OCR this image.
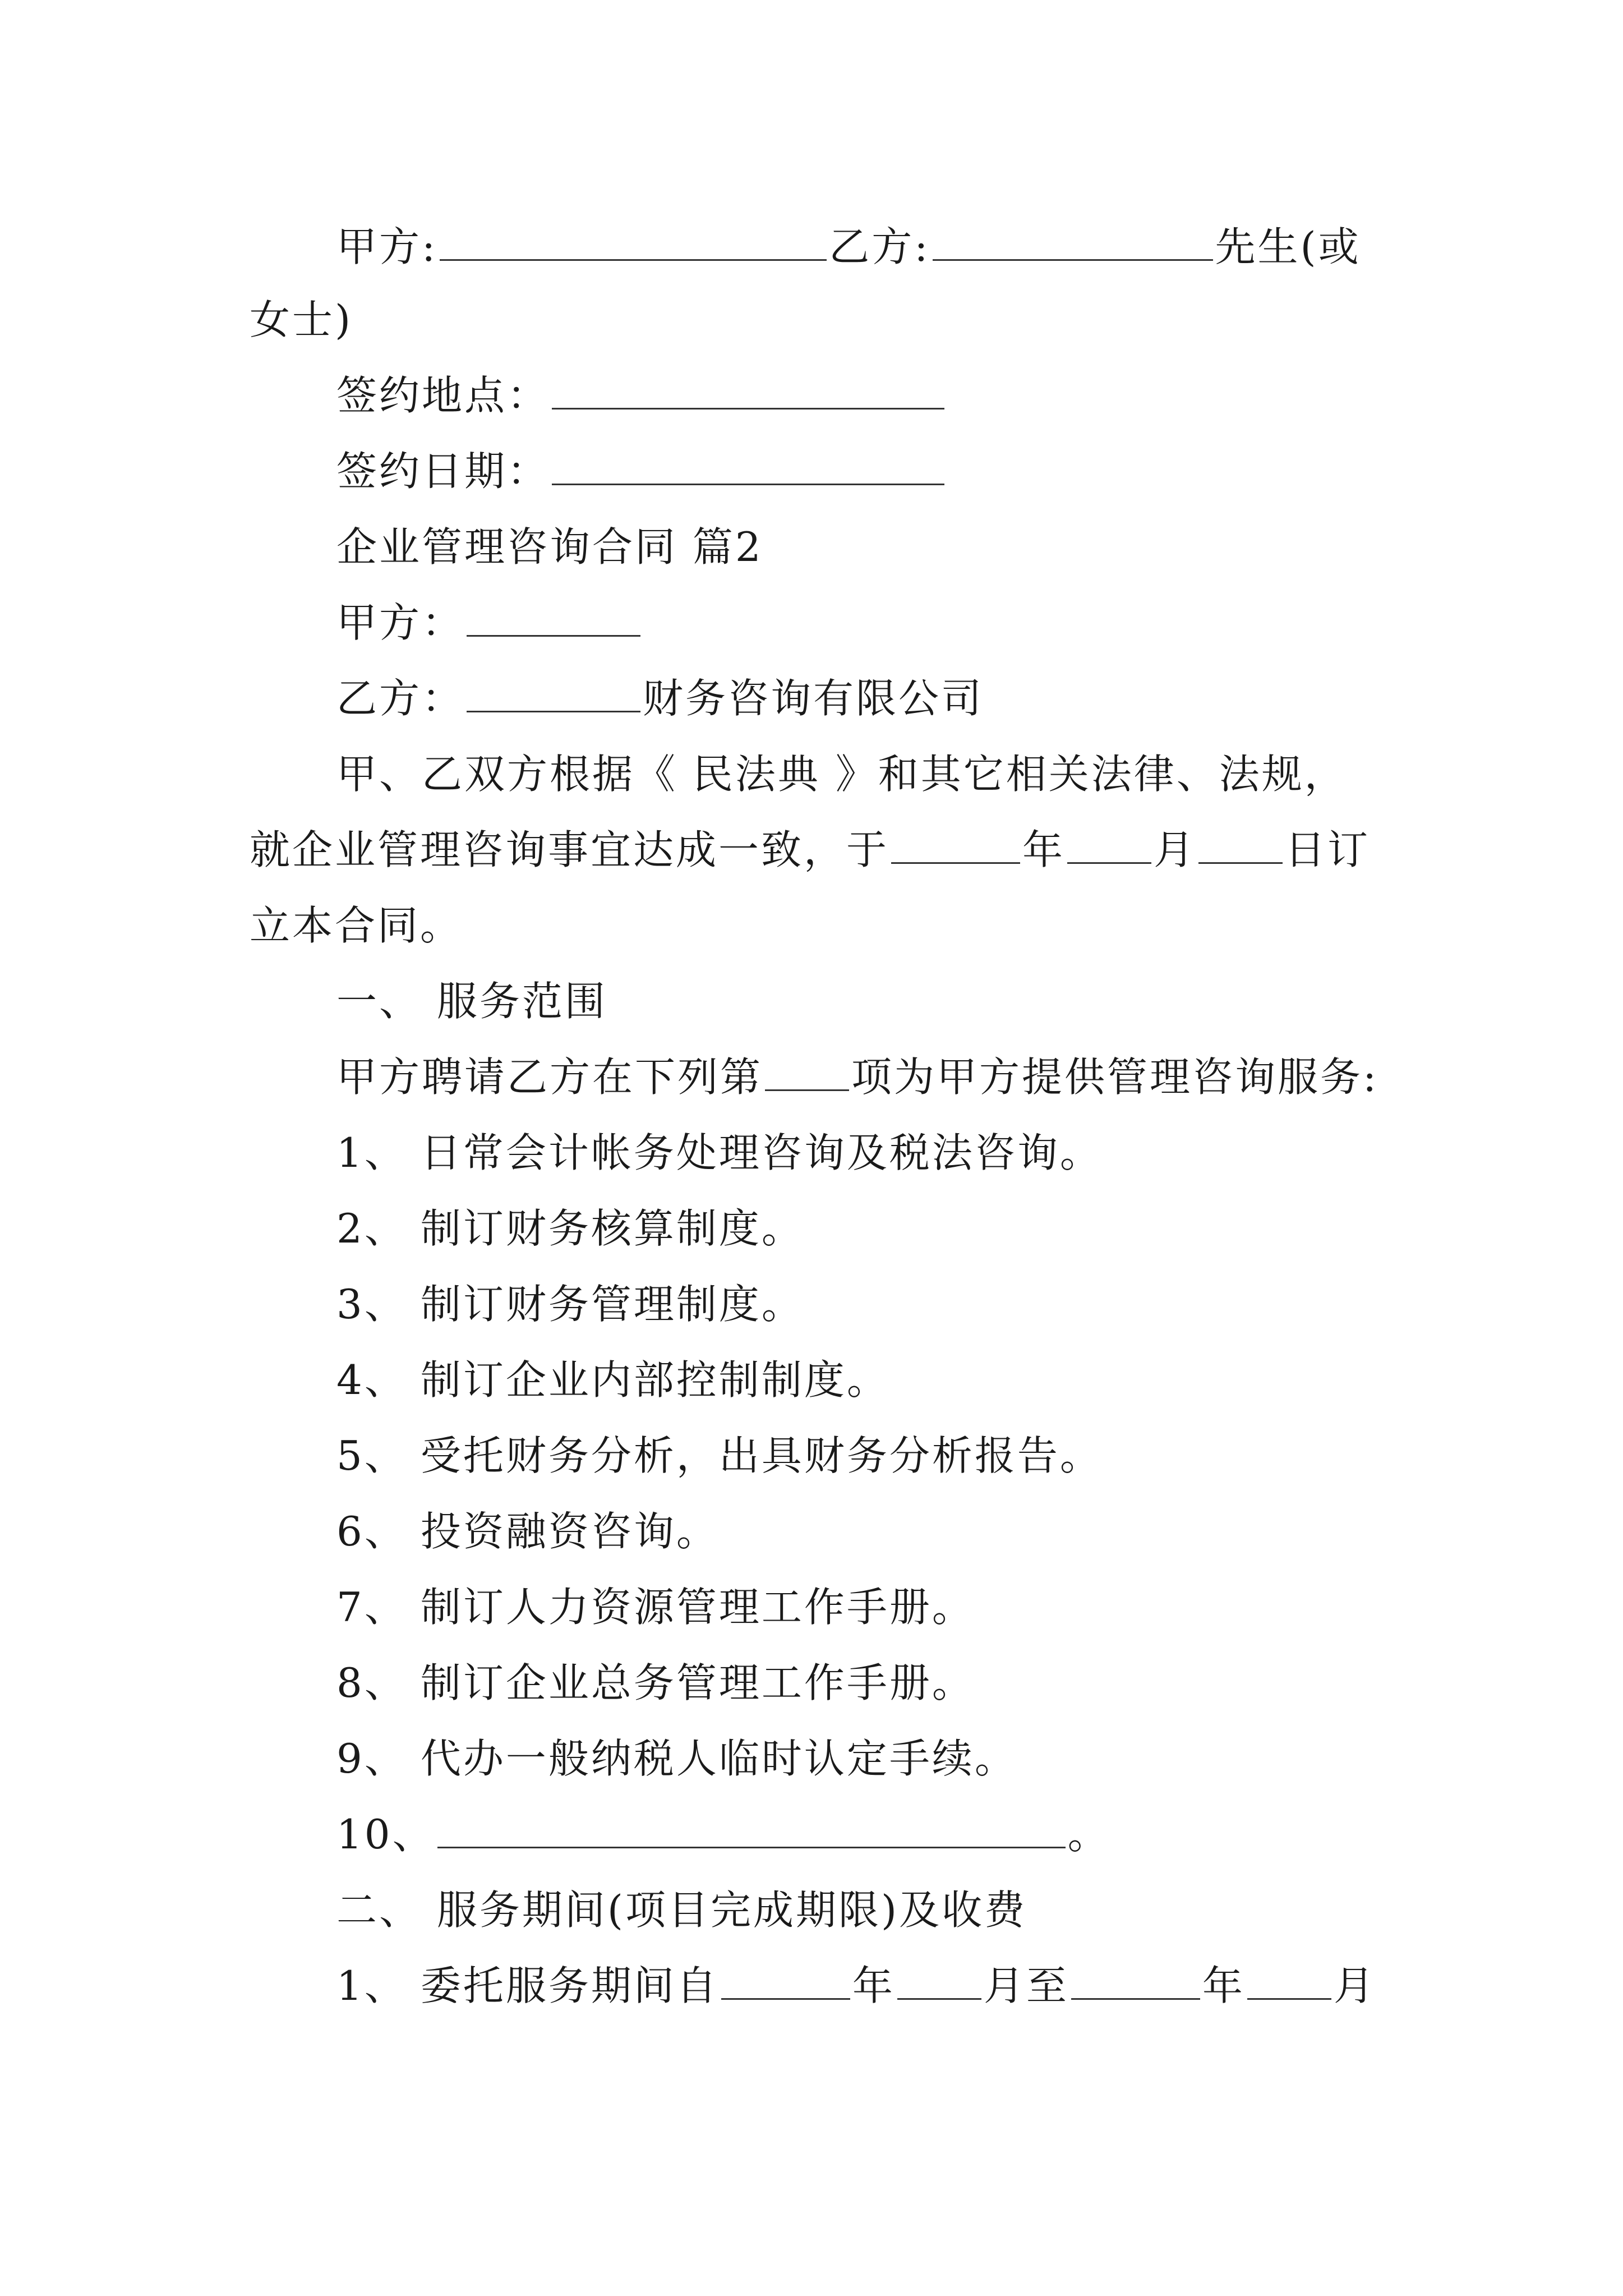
甲方:	乙方:	先生(或
女士)
签约地点：
签约日期：
企业管理咨询合同 篇2
甲方：
乙方：	财务咨询有限公司
甲、乙双方根据《 民法典 》和其它相关法律、法规，
就企业管理咨询事宜达成一致，于	年 月 日订
立本合同。
一、 服务范围
甲方聘请乙方在下列第 项为甲方提供管理咨询服务:
1、 日常会计帐务处理咨询及税法咨询。
2、 制订财务核算制度。
3、 制订财务管理制度。
4、 制订企业内部控制制度。
5、 受托财务分析，出具财务分析报告。
6、 投资融资咨询。
7、 制订人力资源管理工作手册。
8、 制订企业总务管理工作手册。
9、 代办一般纳税人临时认定手续。
10、	。
二、 服务期间(项目完成期限)及收费
1、 委托服务期间自	年 月至	年 月
